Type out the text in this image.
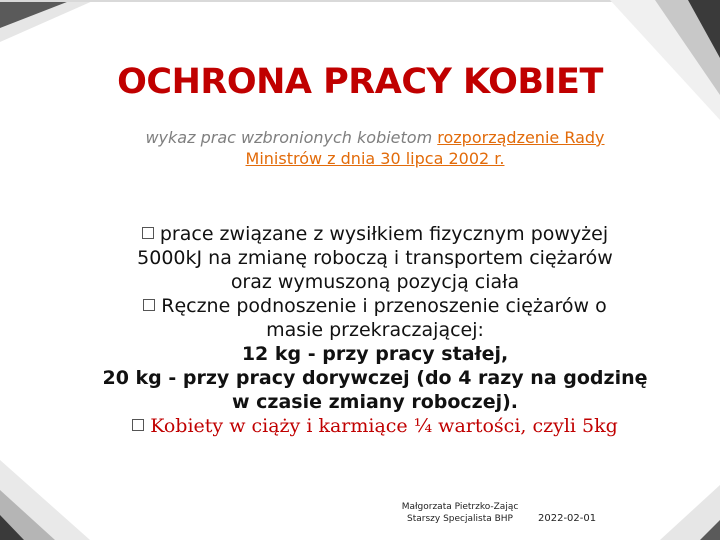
OCHRONA PRACY KOBIET
wykaz prac wzbronionych kobietom rozporządzenie Rady
Ministrów z dnia 30 lipca 2002 r.
prace związane z wysiłkiem fizycznym powyżej
5000kJ na zmianę roboczą i transportem ciężarów
oraz wymuszoną pozycją ciała
Ręczne podnoszenie i przenoszenie ciężarów o
masie przekraczającej:
12 kg - przy pracy stałej,
20 kg - przy pracy dorywczej (do 4 razy na godzinę
w czasie zmiany roboczej).
Kobiety w ciąży i karmiące ¼ wartości, czyli 5kg
Małgorzata Pietrzko-Zając
Starszy Specjalista BHP	2022-02-01
